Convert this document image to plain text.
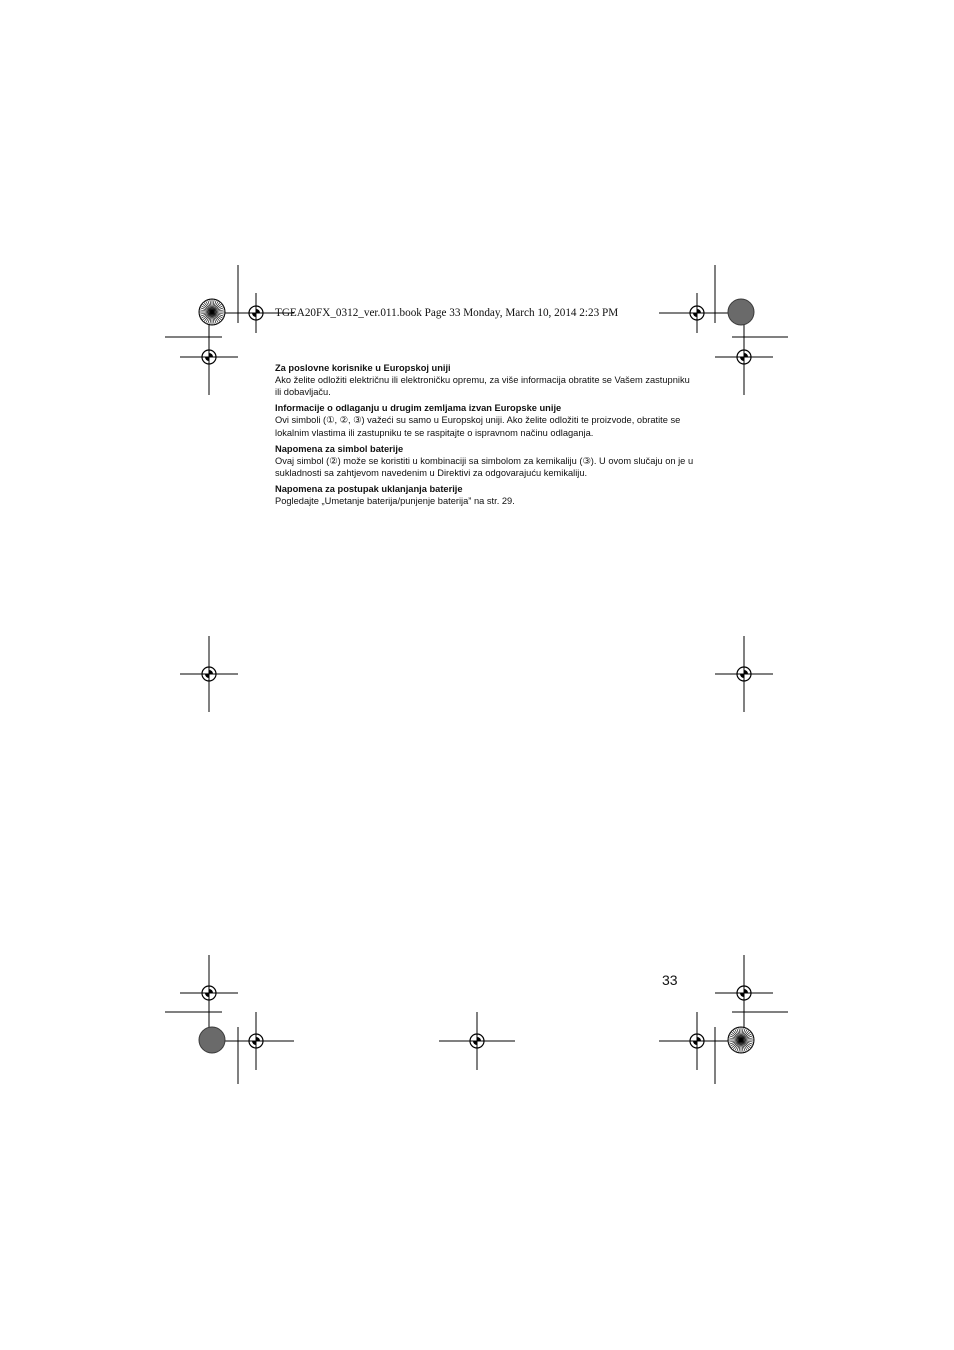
TGEA20FX_0312_ver.011.book Page 33 Monday, March 10, 2014 2:23 PM
Za poslovne korisnike u Europskoj uniji
Ako želite odložiti električnu ili elektroničku opremu, za više informacija obratite se Vašem zastupniku ili dobavljaču.
Informacije o odlaganju u drugim zemljama izvan Europske unije
Ovi simboli (①, ②, ③) važeći su samo u Europskoj uniji. Ako želite odložiti te proizvode, obratite se lokalnim vlastima ili zastupniku te se raspitajte o ispravnom načinu odlaganja.
Napomena za simbol baterije
Ovaj simbol (②) može se koristiti u kombinaciji sa simbolom za kemikaliju (③). U ovom slučaju on je u sukladnosti sa zahtjevom navedenim u Direktivi za odgovarajuću kemikaliju.
Napomena za postupak uklanjanja baterije
Pogledajte „Umetanje baterija/punjenje baterija” na str. 29.
33
